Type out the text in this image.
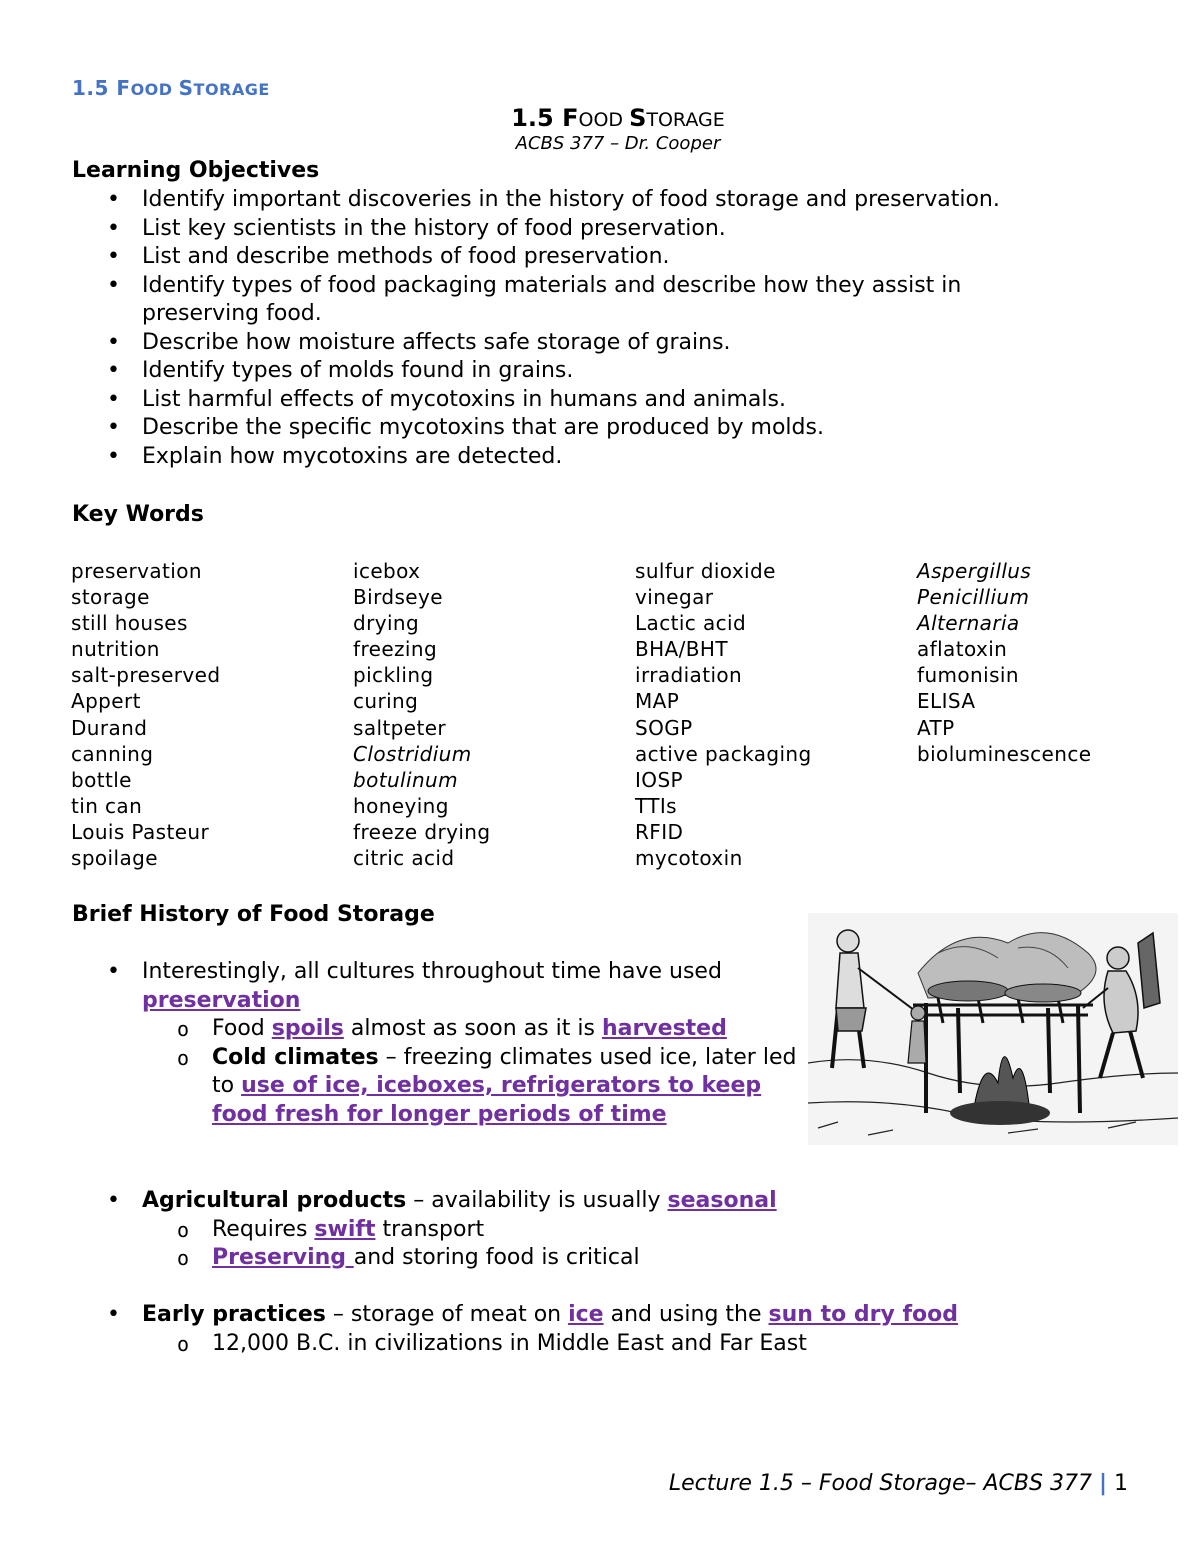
1.5 FOOD STORAGE
1.5 FOOD STORAGE
ACBS 377 – Dr. Cooper
Learning Objectives
• Identify important discoveries in the history of food storage and preservation.
• List key scientists in the history of food preservation.
• List and describe methods of food preservation.
• Identify types of food packaging materials and describe how they assist in preserving food.
• Describe how moisture affects safe storage of grains.
• Identify types of molds found in grains.
• List harmful effects of mycotoxins in humans and animals.
• Describe the specific mycotoxins that are produced by molds.
• Explain how mycotoxins are detected.
Key Words
preservation
storage
still houses
nutrition
salt-preserved
Appert
Durand
canning
bottle
tin can
Louis Pasteur
spoilage
icebox
Birdseye
drying
freezing
pickling
curing
saltpeter
Clostridium
botulinum
honeying
freeze drying
citric acid
sulfur dioxide
vinegar
Lactic acid
BHA/BHT
irradiation
MAP
SOGP
active packaging
IOSP
TTIs
RFID
mycotoxin
Aspergillus
Penicillium
Alternaria
aflatoxin
fumonisin
ELISA
ATP
bioluminescence
Brief History of Food Storage
• Interestingly, all cultures throughout time have used preservation
o Food spoils almost as soon as it is harvested
o Cold climates – freezing climates used ice, later led to use of ice, iceboxes, refrigerators to keep food fresh for longer periods of time
• Agricultural products – availability is usually seasonal
o Requires swift transport
o Preserving and storing food is critical
• Early practices – storage of meat on ice and using the sun to dry food
o 12,000 B.C. in civilizations in Middle East and Far East
Lecture 1.5 – Food Storage– ACBS 377 | 1
